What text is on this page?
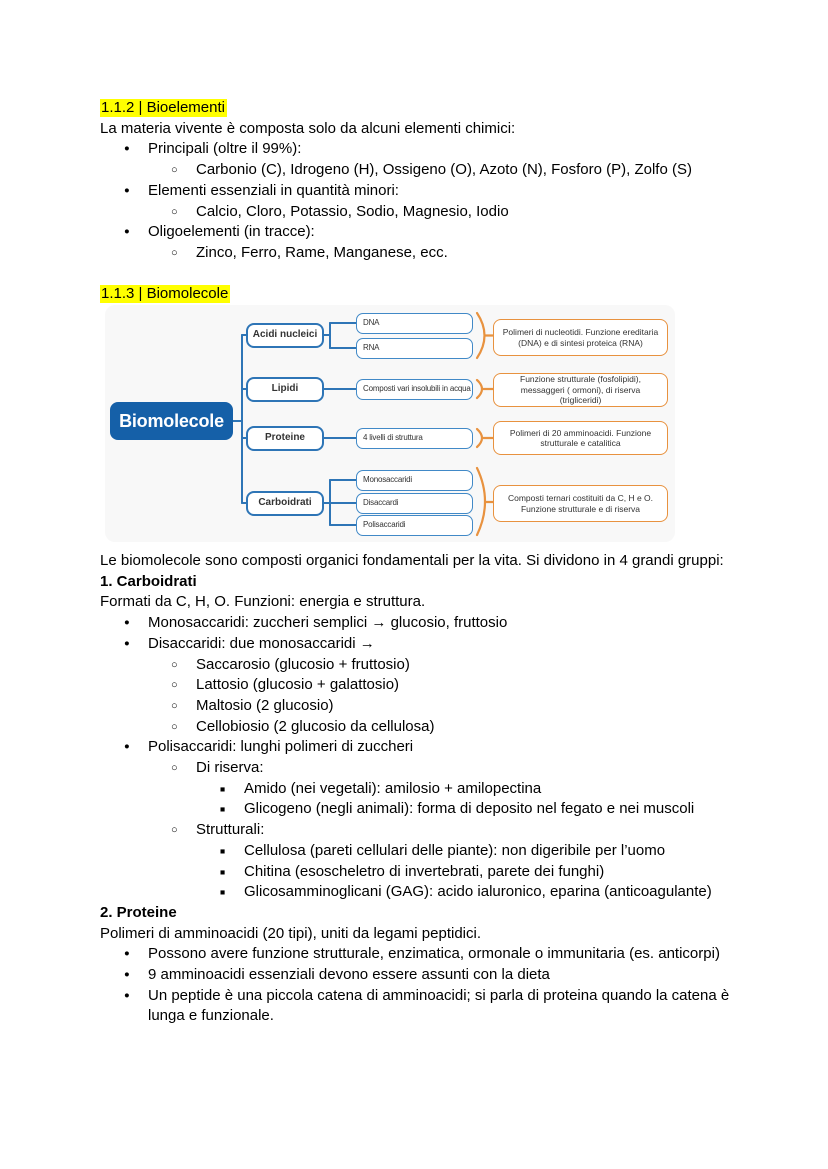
1.1.2 | Bioelementi
La materia vivente è composta solo da alcuni elementi chimici:
● Principali (oltre il 99%):
○ Carbonio (C), Idrogeno (H), Ossigeno (O), Azoto (N), Fosforo (P), Zolfo (S)
● Elementi essenziali in quantità minori:
○ Calcio, Cloro, Potassio, Sodio, Magnesio, Iodio
● Oligoelementi (in tracce):
○ Zinco, Ferro, Rame, Manganese, ecc.
1.1.3 | Biomolecole
Biomolecole
Acidi nucleici
Lipidi
Proteine
Carboidrati
DNA
RNA
Composti vari insolubili in acqua
4 livelli di struttura
Monosaccaridi
Disaccardi
Polisaccaridi
Polimeri di nucleotidi. Funzione ereditaria (DNA) e di sintesi proteica (RNA)
Funzione strutturale (fosfolipidi), messaggeri ( ormoni), di riserva (trigliceridi)
Polimeri di 20 amminoacidi. Funzione strutturale e catalitica
Composti ternari costituiti da C, H e O. Funzione strutturale e di riserva
Le biomolecole sono composti organici fondamentali per la vita. Si dividono in 4 grandi gruppi:
1. Carboidrati
Formati da C, H, O. Funzioni: energia e struttura.
● Monosaccaridi: zuccheri semplici → glucosio, fruttosio
● Disaccaridi: due monosaccaridi →
○ Saccarosio (glucosio + fruttosio)
○ Lattosio (glucosio + galattosio)
○ Maltosio (2 glucosio)
○ Cellobiosio (2 glucosio da cellulosa)
● Polisaccaridi: lunghi polimeri di zuccheri
○ Di riserva:
■ Amido (nei vegetali): amilosio + amilopectina
■ Glicogeno (negli animali): forma di deposito nel fegato e nei muscoli
○ Strutturali:
■ Cellulosa (pareti cellulari delle piante): non digeribile per l’uomo
■ Chitina (esoscheletro di invertebrati, parete dei funghi)
■ Glicosamminoglicani (GAG): acido ialuronico, eparina (anticoagulante)
2. Proteine
Polimeri di amminoacidi (20 tipi), uniti da legami peptidici.
● Possono avere funzione strutturale, enzimatica, ormonale o immunitaria (es. anticorpi)
● 9 amminoacidi essenziali devono essere assunti con la dieta
● Un peptide è una piccola catena di amminoacidi; si parla di proteina quando la catena è lunga e funzionale.
